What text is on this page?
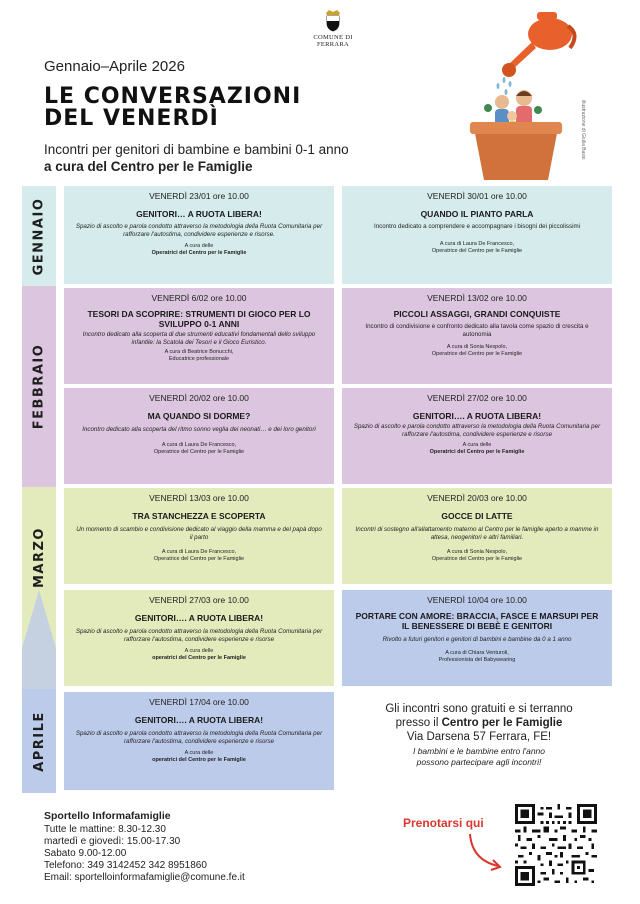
COMUNE DI FERRARA
Gennaio–Aprile 2026
LE CONVERSAZIONI
DEL VENERDÌ
Incontri per genitori di bambine e bambini 0-1 anno
a cura del Centro per le Famiglie
illustrazione di Giulia Bassi
GENNAIO
FEBBRAIO
MARZO
APRILE
VENERDÌ 23/01 ore 10.00
GENITORI… A RUOTA LIBERA!
Spazio di ascolto e parola condotto attraverso la metodologia della Ruota Comunitaria per rafforzare l'autostima, condividere esperienze e risorse.
A cura delle
Operatrici del Centro per le Famiglie
VENERDÌ 30/01 ore 10.00
QUANDO IL PIANTO PARLA
Incontro dedicato a comprendere e accompagnare i bisogni dei piccolissimi
A cura di Laura De Francesco,
Operatrice del Centro per le Famiglie
VENERDÌ 6/02 ore 10.00
TESORI DA SCOPRIRE: STRUMENTI DI GIOCO PER LO SVILUPPO 0-1 ANNI
Incontro dedicato alla scoperta di due strumenti educativi fondamentali dello sviluppo infantile: la Scatola dei Tesori e il Gioco Euristico.
A cura di Beatrice Bonucchi,
Educatrice professionale
VENERDÌ 13/02 ore 10.00
PICCOLI ASSAGGI, GRANDI CONQUISTE
Incontro di condivisione e confronto dedicato alla tavola come spazio di crescita e autonomia
A cura di Sonia Nespolo,
Operatrice del Centro per le Famiglie
VENERDÌ 20/02 ore 10.00
MA QUANDO SI DORME?
Incontro dedicato alla scoperta del ritmo sonno veglia dei neonati… e dei loro genitori
A cura di Laura De Francesco,
Operatrice del Centro per le Famiglie
VENERDÌ 27/02 ore 10.00
GENITORI…. A RUOTA LIBERA!
Spazio di ascolto e parola condotto attraverso la metodologia della Ruota Comunitaria per rafforzare l'autostima, condividere esperienze e risorse
A cura delle
Operatrici del Centro per le Famiglie
VENERDÌ 13/03 ore 10.00
TRA STANCHEZZA E SCOPERTA
Un momento di scambio e condivisione dedicato al viaggio della mamma e del papà dopo il parto
A cura di Laura De Francesco,
Operatrice del Centro per le Famiglie
VENERDÌ 20/03 ore 10.00
GOCCE DI LATTE
Incontri di sostegno all'allattamento materno al Centro per le famiglie aperto a mamme in attesa, neogenitori e altri familiari.
A cura di Sonia Nespolo,
Operatrice del Centro per le Famiglie
VENERDÌ 27/03 ore 10.00
GENITORI…. A RUOTA LIBERA!
Spazio di ascolto e parola condotto attraverso la metodologia della Ruota Comunitaria per rafforzare l'autostima, condividere esperienze e risorse
A cura delle
operatrici del Centro per le Famiglie
VENERDÌ 10/04 ore 10.00
PORTARE CON AMORE: BRACCIA, FASCE E MARSUPI PER IL BENESSERE DI BEBÈ E GENITORI
Rivolto a futuri genitori e genitori di bambini e bambine da 0 a 1 anno
A cura di Chiara Venturoli,
Professionista del Babywearing
VENERDÌ 17/04 ore 10.00
GENITORI…. A RUOTA LIBERA!
Spazio di ascolto e parola condotto attraverso la metodologia della Ruota Comunitaria per rafforzare l'autostima, condividere esperienze e risorse
A cura delle
operatrici del Centro per le Famiglie
Gli incontri sono gratuiti e si terranno
presso il Centro per le Famiglie
Via Darsena 57 Ferrara, FE!
I bambini e le bambine entro l'anno
possono partecipare agli incontri!
Sportello Informafamiglie
Tutte le mattine: 8.30-12.30
martedì e giovedì: 15.00-17.30
Sabato 9.00-12.00
Telefono: 349 3142452 342 8951860
Email: sportelloinformafamiglie@comune.fe.it
Prenotarsi qui
